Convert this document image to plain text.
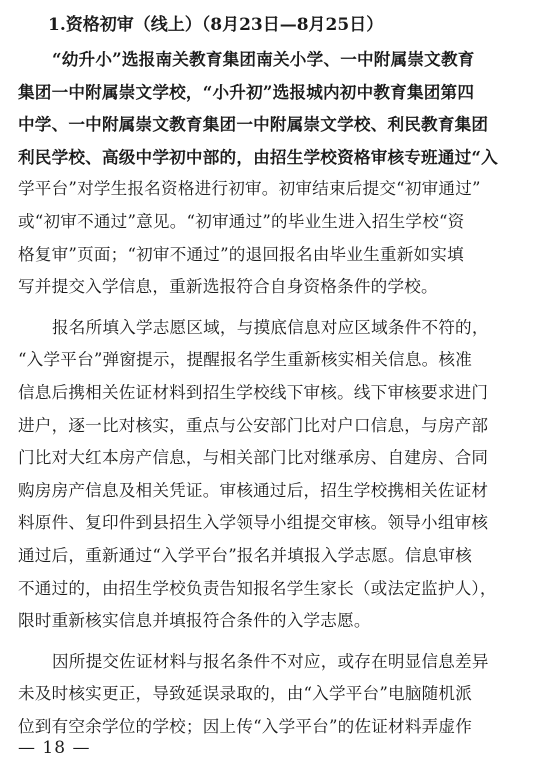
1.资格初审（线上）（8月23日—8月25日）
“幼升小”选报南关教育集团南关小学、一中附属崇文教育
集团一中附属崇文学校，“小升初”选报城内初中教育集团第四
中学、一中附属崇文教育集团一中附属崇文学校、利民教育集团
利民学校、高级中学初中部的，由招生学校资格审核专班通过“入
学平台”对学生报名资格进行初审。初审结束后提交“初审通过”
或“初审不通过”意见。“初审通过”的毕业生进入招生学校“资
格复审”页面；“初审不通过”的退回报名由毕业生重新如实填
写并提交入学信息，重新选报符合自身资格条件的学校。
报名所填入学志愿区域，与摸底信息对应区域条件不符的，
“入学平台”弹窗提示，提醒报名学生重新核实相关信息。核准
信息后携相关佐证材料到招生学校线下审核。线下审核要求进门
进户，逐一比对核实，重点与公安部门比对户口信息，与房产部
门比对大红本房产信息，与相关部门比对继承房、自建房、合同
购房房产信息及相关凭证。审核通过后，招生学校携相关佐证材
料原件、复印件到县招生入学领导小组提交审核。领导小组审核
通过后，重新通过“入学平台”报名并填报入学志愿。信息审核
不通过的，由招生学校负责告知报名学生家长（或法定监护人），
限时重新核实信息并填报符合条件的入学志愿。
因所提交佐证材料与报名条件不对应，或存在明显信息差异
未及时核实更正，导致延误录取的，由“入学平台”电脑随机派
位到有空余学位的学校；因上传“入学平台”的佐证材料弄虚作
— 18 —
